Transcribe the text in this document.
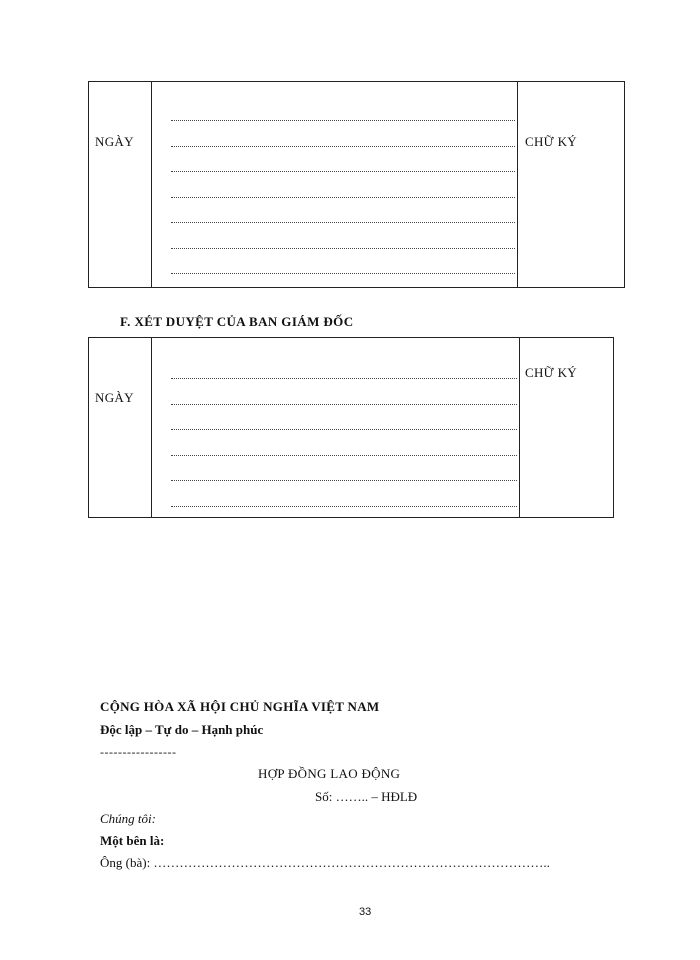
NGÀY	CHỮ KÝ
F. XÉT DUYỆT CỦA BAN GIÁM ĐỐC
NGÀY
CHỮ KÝ
CỘNG HÒA XÃ HỘI CHỦ NGHĨA VIỆT NAM
Độc lập – Tự do – Hạnh phúc
-----------------
HỢP ĐỒNG LAO ĐỘNG
Số: …….. – HĐLĐ
Chúng tôi:
Một bên là:
Ông (bà): ………………………………………………………………………………..
33
